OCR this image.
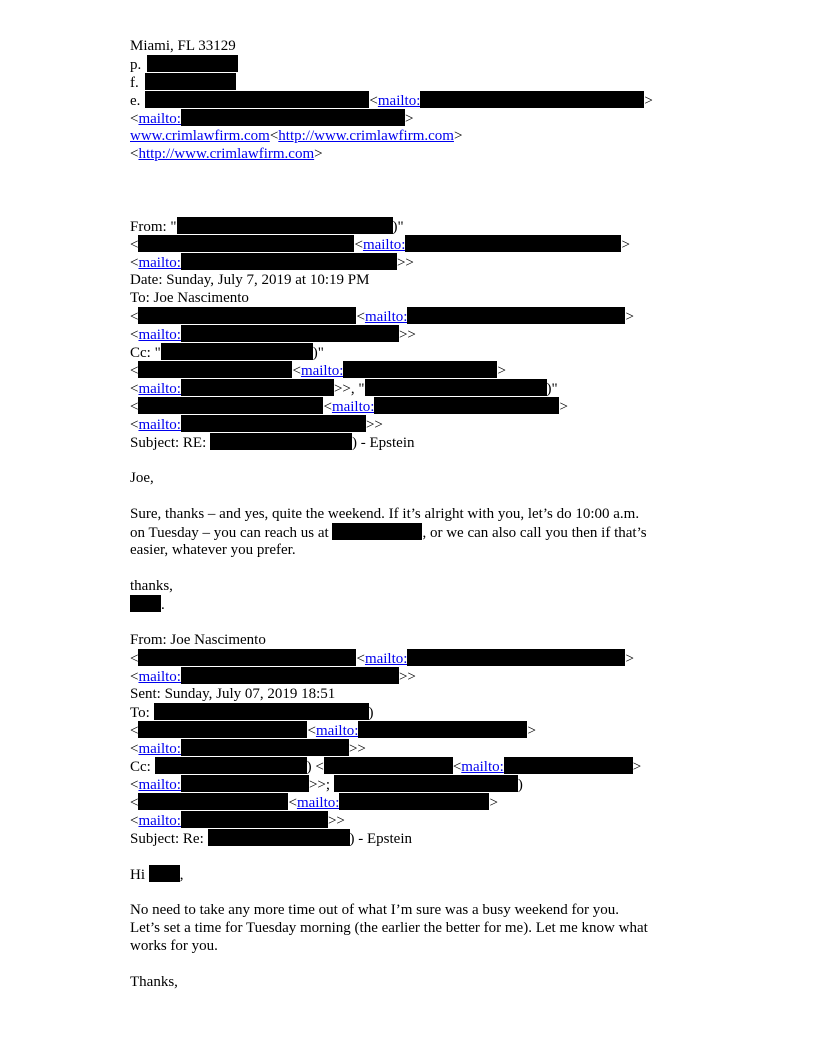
Miami, FL 33129
p.
f.
e.	<mailto:	>
<mailto:	>
www.crimlawfirm.com<http://www.crimlawfirm.com>
<http://www.crimlawfirm.com>
From: "	)"
<	<mailto:	>
<mailto:	>>
Date: Sunday, July 7, 2019 at 10:19 PM
To: Joe Nascimento
<	<mailto:	>
<mailto:	>>
Cc: "	)"
<	<mailto:	>
<mailto:	>>, "	)"
<	<mailto:	>
<mailto:	>>
Subject: RE:	) - Epstein
Joe,
Sure, thanks – and yes, quite the weekend. If it’s alright with you, let’s do 10:00 a.m.
on Tuesday – you can reach us at	, or we can also call you then if that’s
easier, whatever you prefer.
thanks,
.
From: Joe Nascimento
<	<mailto:	>
<mailto:	>>
Sent: Sunday, July 07, 2019 18:51
To:	)
<	<mailto:	>
<mailto:	>>
Cc:	) <	<mailto:	>
<mailto:	>>;	)
<	<mailto:	>
<mailto:	>>
Subject: Re:	) - Epstein
Hi ,
No need to take any more time out of what I’m sure was a busy weekend for you.
Let’s set a time for Tuesday morning (the earlier the better for me). Let me know what
works for you.
Thanks,
